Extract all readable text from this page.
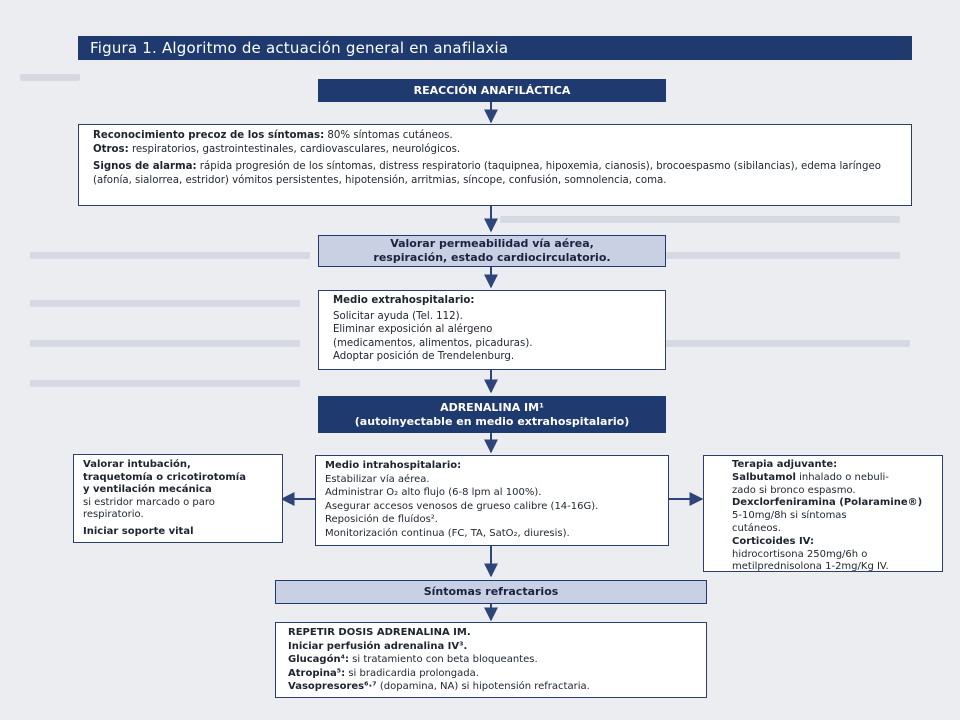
Figura 1. Algoritmo de actuación general en anafilaxia
REACCIÓN ANAFILÁCTICA
Reconocimiento precoz de los síntomas: 80% síntomas cutáneos.
Otros: respiratorios, gastrointestinales, cardiovasculares, neurológicos.
Signos de alarma: rápida progresión de los síntomas, distress respiratorio (taquipnea, hipoxemia, cianosis), brocoespasmo (sibilancias), edema laríngeo (afonía, sialorrea, estridor) vómitos persistentes, hipotensión, arritmias, síncope, confusión, somnolencia, coma.
Valorar permeabilidad vía aérea,
respiración, estado cardiocirculatorio.
Medio extrahospitalario:
Solicitar ayuda (Tel. 112).
Eliminar exposición al alérgeno
(medicamentos, alimentos, picaduras).
Adoptar posición de Trendelenburg.
ADRENALINA IM¹
(autoinyectable en medio extrahospitalario)
Valorar intubación,
traquetomía o cricotirotomía
y ventilación mecánica
si estridor marcado o paro
respiratorio.
Iniciar soporte vital
Medio intrahospitalario:
Estabilizar vía aérea.
Administrar O₂ alto flujo (6-8 lpm al 100%).
Asegurar accesos venosos de grueso calibre (14-16G).
Reposición de fluídos².
Monitorización continua (FC, TA, SatO₂, diuresis).
Terapia adjuvante:
Salbutamol inhalado o nebuli-
zado si bronco espasmo.
Dexclorfeniramina (Polaramine®)
5-10mg/8h si síntomas
cutáneos.
Corticoides IV:
hidrocortisona 250mg/6h o
metilprednisolona 1-2mg/Kg IV.
Síntomas refractarios
REPETIR DOSIS ADRENALINA IM.
Iniciar perfusión adrenalina IV³.
Glucagón⁴: si tratamiento con beta bloqueantes.
Atropina⁵: si bradicardia prolongada.
Vasopresores⁶·⁷ (dopamina, NA) si hipotensión refractaria.
